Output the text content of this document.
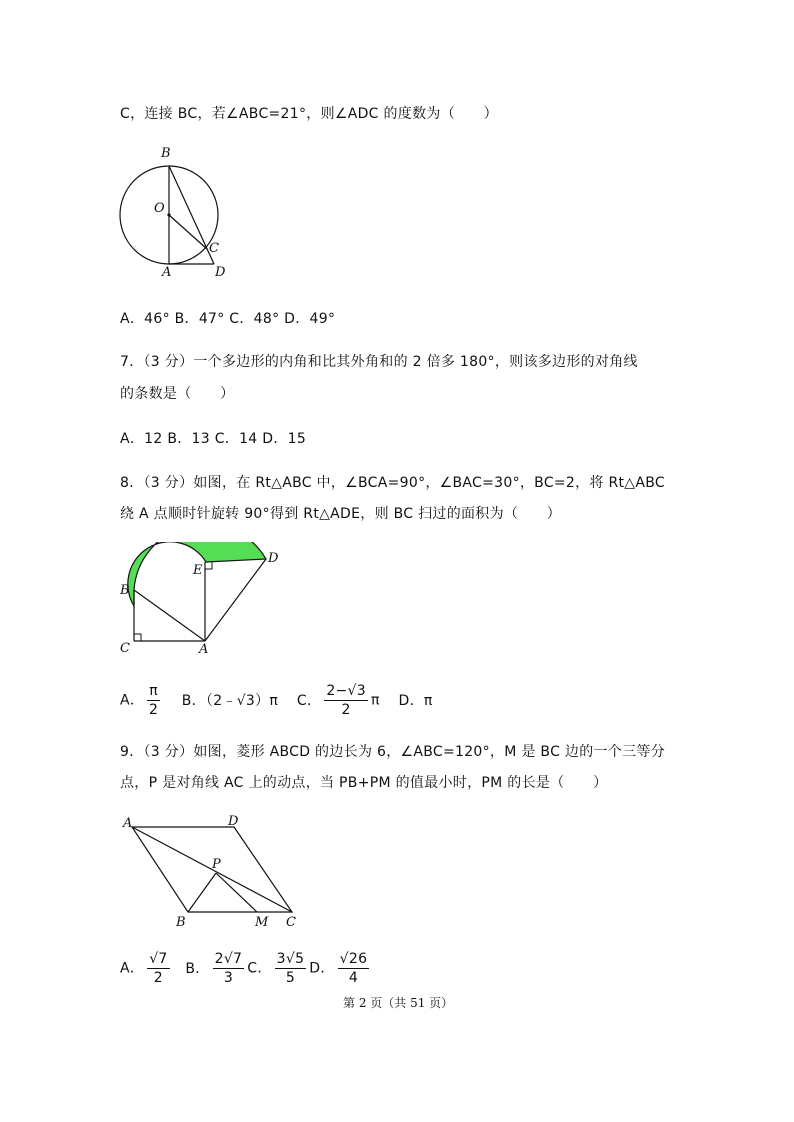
C，连接 BC，若∠ABC=21°，则∠ADC 的度数为（　　）
B
O
C
A	D
A．46° B．47° C．48° D．49°
7．（3 分）一个多边形的内角和比其外角和的 2 倍多 180°，则该多边形的对角线
的条数是（　　）
A．12 B．13 C．14 D．15
8．（3 分）如图，在 Rt△ABC 中，∠BCA=90°，∠BAC=30°，BC=2，将 Rt△ABC
绕 A 点顺时针旋转 90°得到 Rt△ADE，则 BC 扫过的面积为（　　）
D
E
B
C	A
A． $\frac{\pi}{2}$ B．（2﹣√3）π C． $\frac{2-√3}{2}$ π D．π
9．（3 分）如图，菱形 ABCD 的边长为 6，∠ABC=120°，M 是 BC 边的一个三等分
点，P 是对角线 AC 上的动点，当 PB+PM 的值最小时，PM 的长是（　　）
A	D
P
B	M C
A． $\frac{√7}{2}$ B． $\frac{2√7}{3}$ C． $\frac{3√5}{5}$ D． $\frac{√26}{4}$
第 2 页（共 51 页）
